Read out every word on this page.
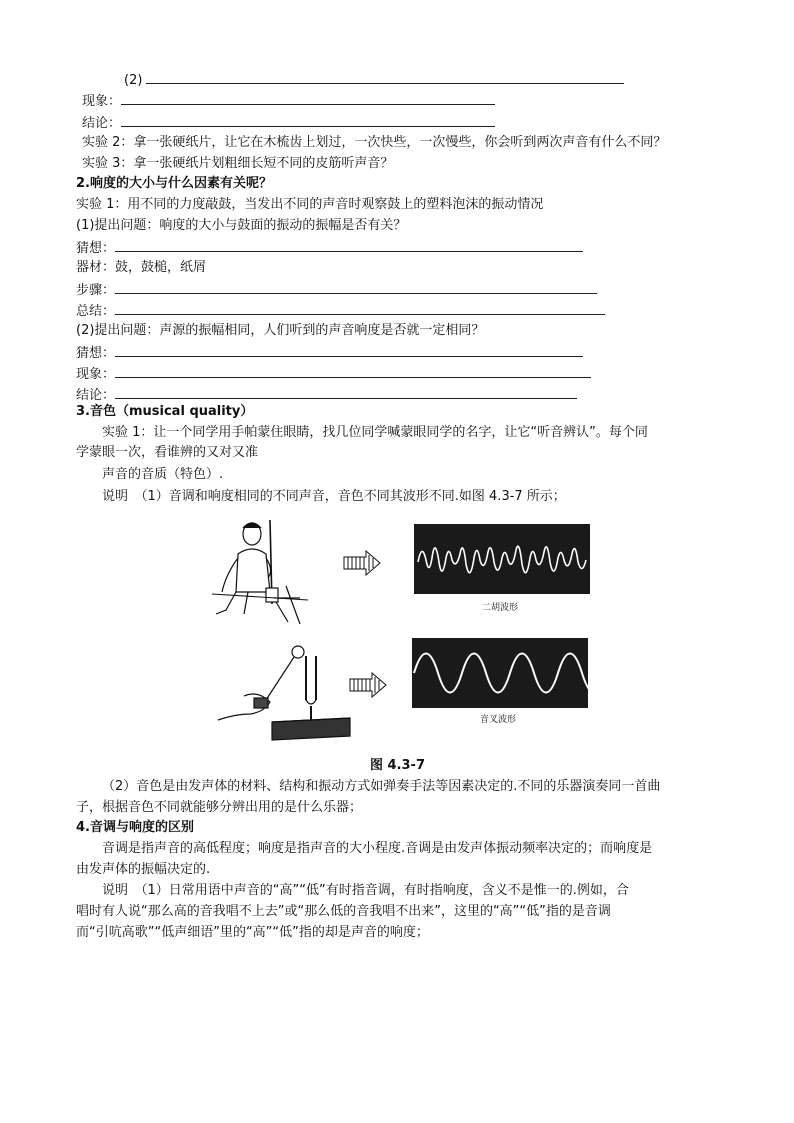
(2)
现象：
结论：
实验 2：拿一张硬纸片，让它在木梳齿上划过，一次快些，一次慢些，你会听到两次声音有什么不同？
实验 3：拿一张硬纸片划粗细长短不同的皮筋听声音？
2.响度的大小与什么因素有关呢？
实验 1：用不同的力度敲鼓，当发出不同的声音时观察鼓上的塑料泡沫的振动情况
(1)提出问题：响度的大小与鼓面的振动的振幅是否有关？
猜想：
器材：鼓，鼓槌，纸屑
步骤：
总结：
(2)提出问题：声源的振幅相同，人们听到的声音响度是否就一定相同？
猜想：
现象：
结论：
3.音色（musical quality）
实验 1：让一个同学用手帕蒙住眼睛，找几位同学喊蒙眼同学的名字，让它“听音辨认”。每个同
学蒙眼一次，看谁辨的又对又准
声音的音质（特色）.
说明　（1）音调和响度相同的不同声音，音色不同其波形不同.如图 4.3-7 所示；
二胡波形
音叉波形
图 4.3-7
（2）音色是由发声体的材料、结构和振动方式如弹奏手法等因素决定的.不同的乐器演奏同一首曲
子，根据音色不同就能够分辨出用的是什么乐器；
4.音调与响度的区别
音调是指声音的高低程度；响度是指声音的大小程度.音调是由发声体振动频率决定的；而响度是
由发声体的振幅决定的.
说明　（1）日常用语中声音的“高”“低”有时指音调，有时指响度，含义不是惟一的.例如，合
唱时有人说“那么高的音我唱不上去”或“那么低的音我唱不出来”，这里的“高”“低”指的是音调
而“引吭高歌”“低声细语”里的“高”“低”指的却是声音的响度；
